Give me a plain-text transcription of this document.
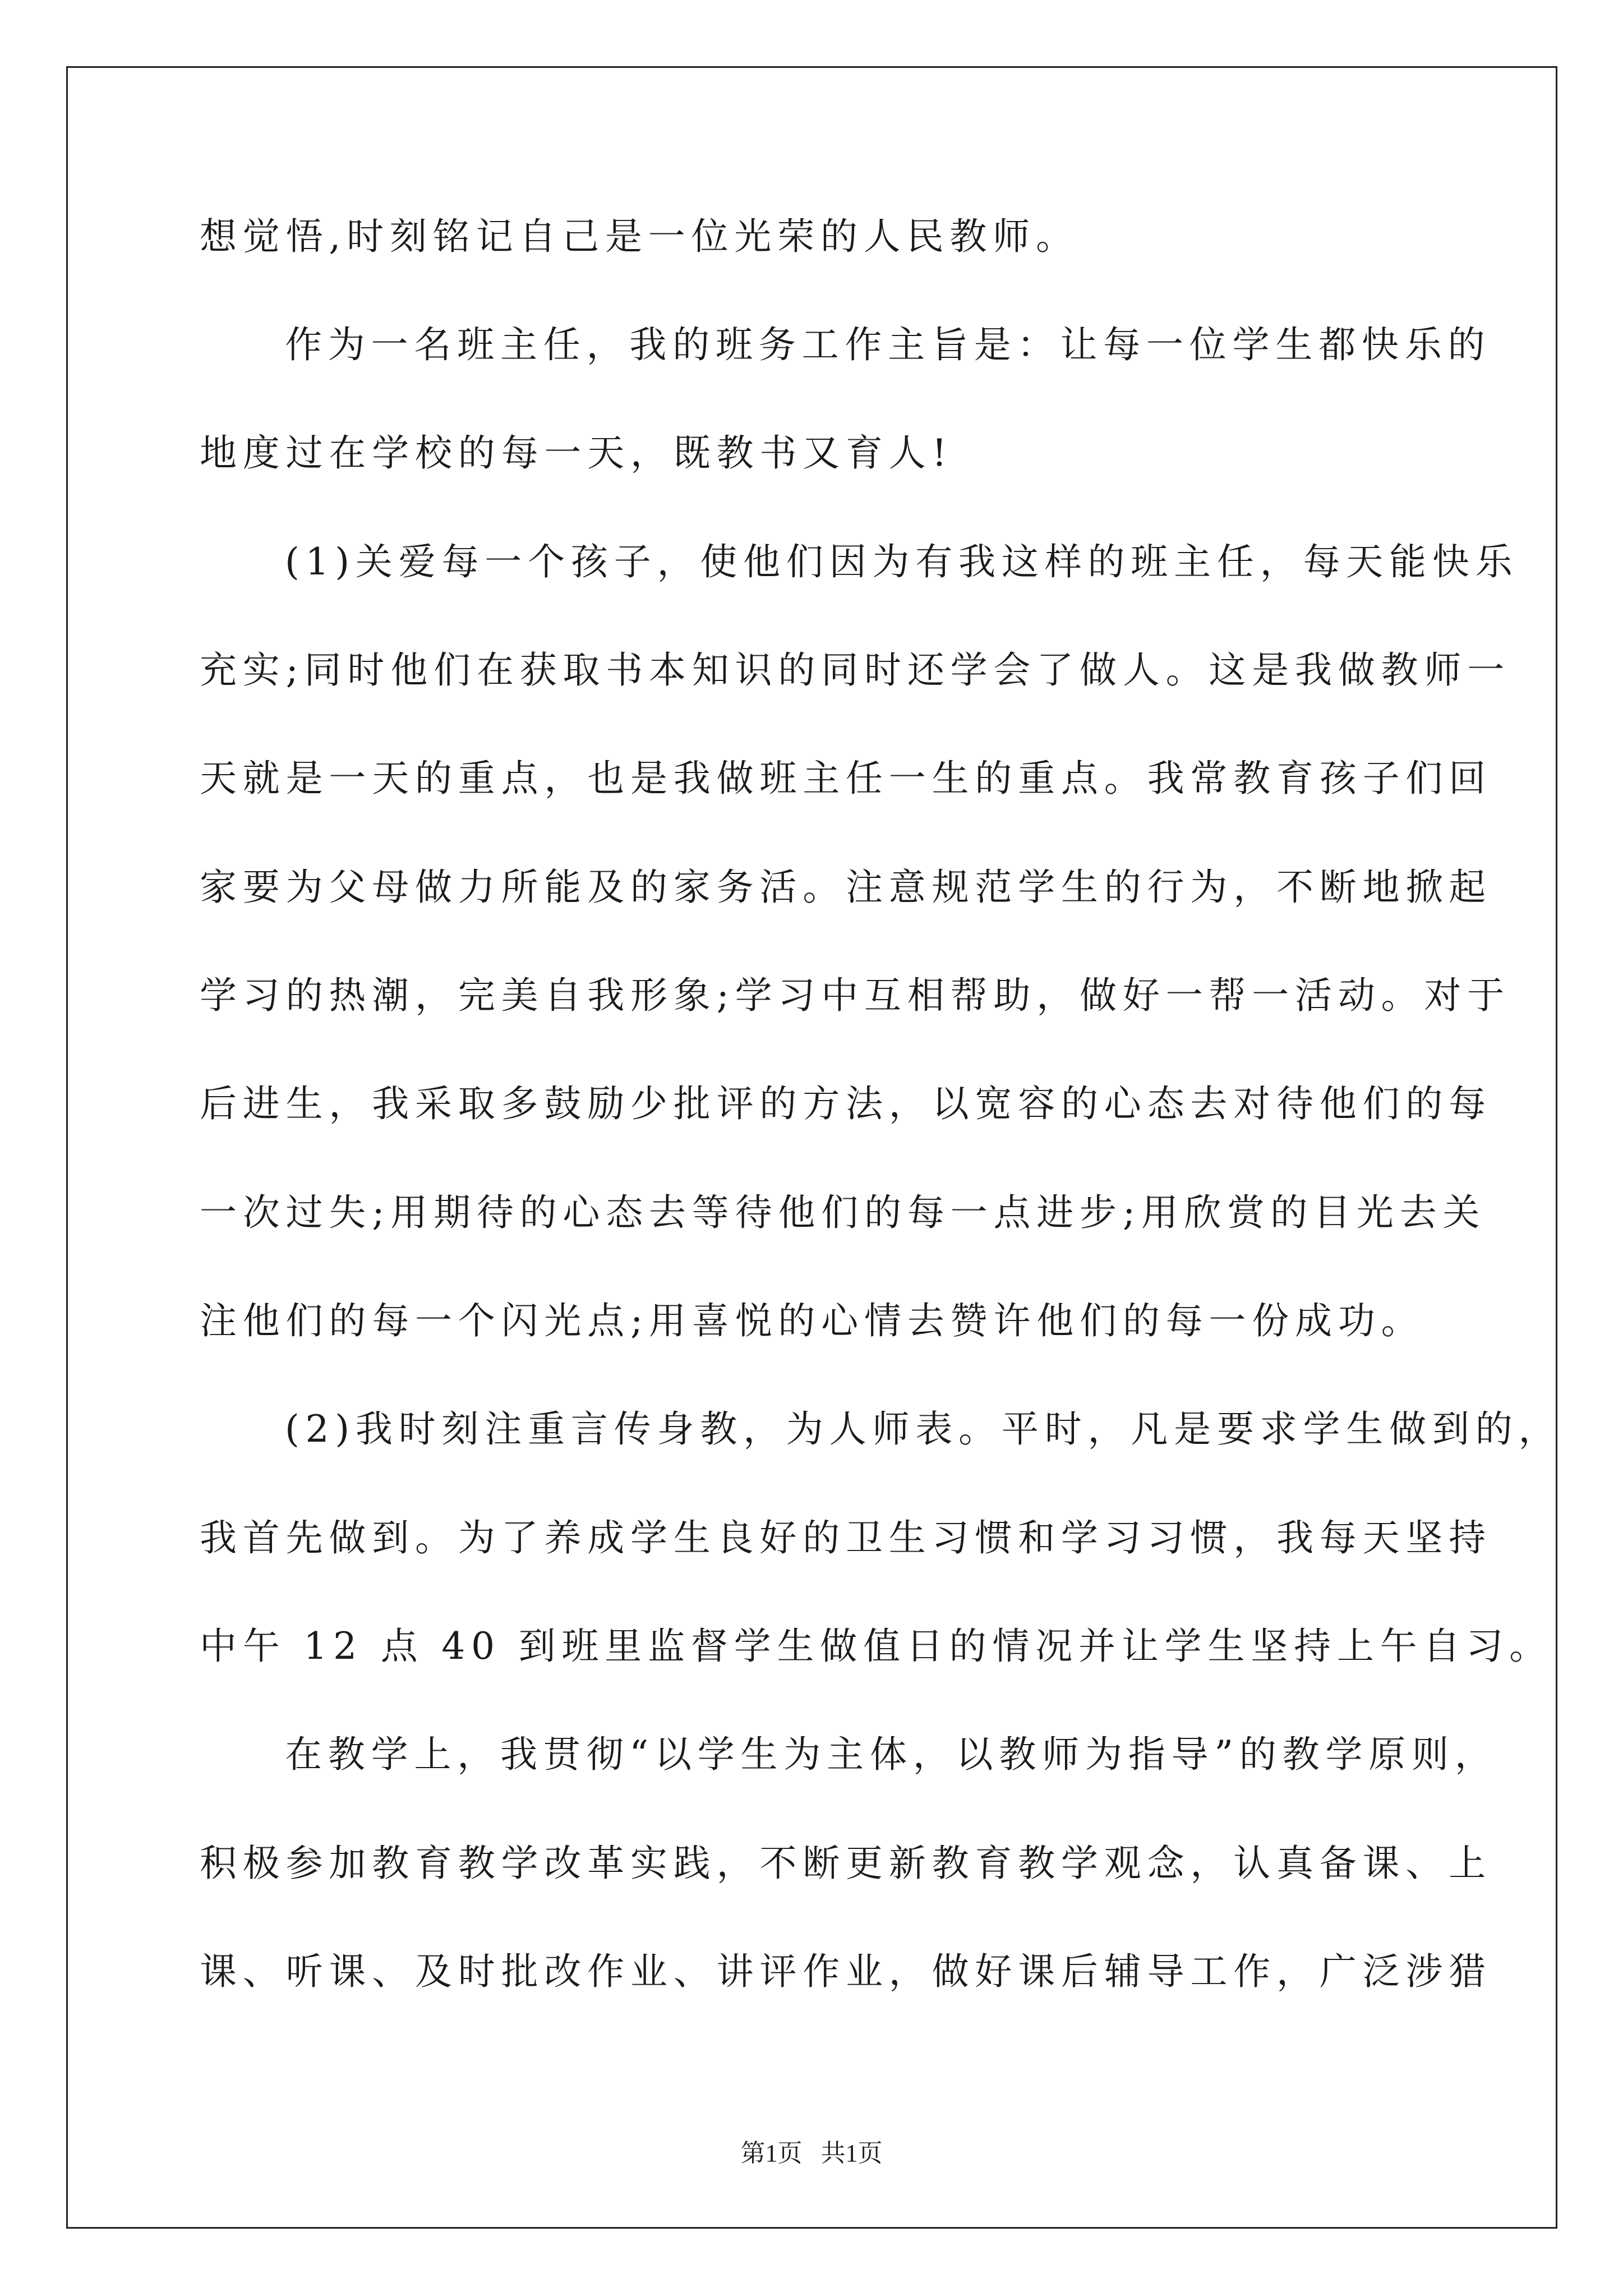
想觉悟,时刻铭记自己是一位光荣的人民教师。
作为一名班主任，我的班务工作主旨是：让每一位学生都快乐的
地度过在学校的每一天，既教书又育人!
(1)关爱每一个孩子，使他们因为有我这样的班主任，每天能快乐
充实;同时他们在获取书本知识的同时还学会了做人。这是我做教师一
天就是一天的重点，也是我做班主任一生的重点。我常教育孩子们回
家要为父母做力所能及的家务活。注意规范学生的行为，不断地掀起
学习的热潮，完美自我形象;学习中互相帮助，做好一帮一活动。对于
后进生，我采取多鼓励少批评的方法，以宽容的心态去对待他们的每
一次过失;用期待的心态去等待他们的每一点进步;用欣赏的目光去关
注他们的每一个闪光点;用喜悦的心情去赞许他们的每一份成功。
(2)我时刻注重言传身教，为人师表。平时，凡是要求学生做到的，
我首先做到。为了养成学生良好的卫生习惯和学习习惯，我每天坚持
中午 12 点 40 到班里监督学生做值日的情况并让学生坚持上午自习。
在教学上，我贯彻“以学生为主体，以教师为指导”的教学原则，
积极参加教育教学改革实践，不断更新教育教学观念，认真备课、上
课、听课、及时批改作业、讲评作业，做好课后辅导工作，广泛涉猎
第1页   共1页
